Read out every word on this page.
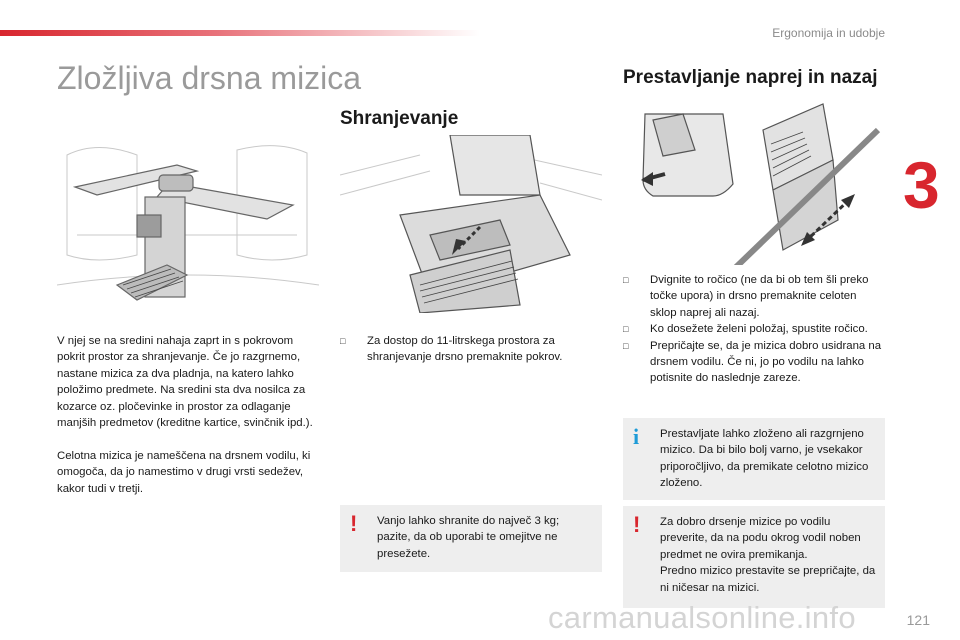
Ergonomija in udobje
3
Zložljiva drsna mizica

V njej se na sredini nahaja zaprt in s pokrovom pokrit prostor za shranjevanje. Če jo razgrnemo, nastane mizica za dva pladnja, na katero lahko položimo predmete. Na sredini sta dva nosilca za kozarce oz. pločevinke in prostor za odlaganje manjših predmetov (kreditne kartice, svinčnik ipd.).

Celotna mizica je nameščena na drsnem vodilu, ki omogoča, da jo namestimo v drugi vrsti sedežev, kakor tudi v tretji.

Shranjevanje
□ Za dostop do 11-litrskega prostora za shranjevanje drsno premaknite pokrov.
! Vanjo lahko shranite do največ 3 kg; pazite, da ob uporabi te omejitve ne presežete.
Prestavljanje naprej in nazaj
□ Dvignite to ročico (ne da bi ob tem šli preko točke upora) in drsno premaknite celoten sklop naprej ali nazaj.
□ Ko dosežete želeni položaj, spustite ročico.
□ Prepričajte se, da je mizica dobro usidrana na drsnem vodilu. Če ni, jo po vodilu na lahko potisnite do naslednje zareze.
i Prestavljate lahko zloženo ali razgrnjeno mizico. Da bi bilo bolj varno, je vsekakor priporočljivo, da premikate celotno mizico zloženo.
! Za dobro drsenje mizice po vodilu preverite, da na podu okrog vodil noben predmet ne ovira premikanja.
Predno mizico prestavite se prepričajte, da ni ničesar na mizici.
carmanualsonline.info	121
